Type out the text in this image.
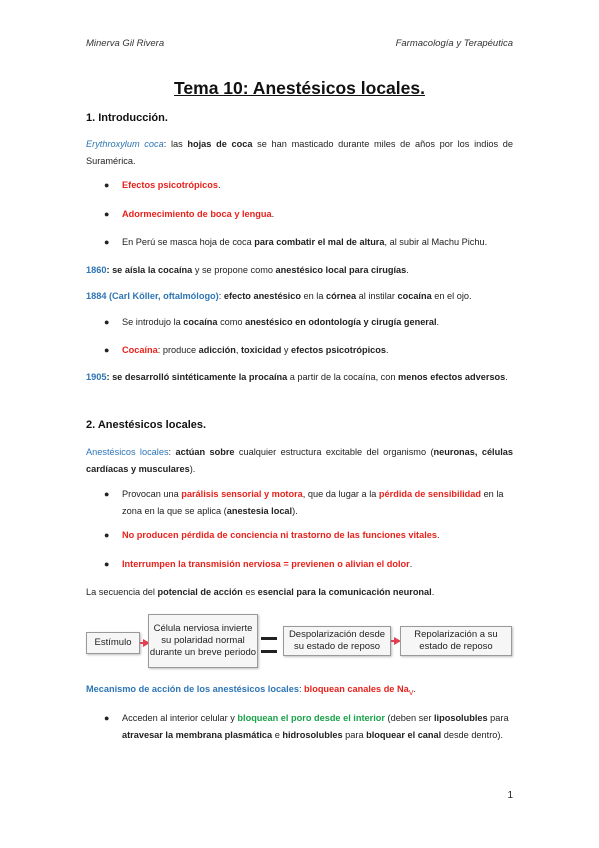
Minerva Gil Rivera	Farmacología y Terapéutica
Tema 10: Anestésicos locales.
1. Introducción.
Erythroxylum coca: las hojas de coca se han masticado durante miles de años por los indios de Suramérica.
● Efectos psicotrópicos.
● Adormecimiento de boca y lengua.
● En Perú se masca hoja de coca para combatir el mal de altura, al subir al Machu Pichu.
1860: se aísla la cocaína y se propone como anestésico local para cirugías.
1884 (Carl Köller, oftalmólogo): efecto anestésico en la córnea al instilar cocaína en el ojo.
● Se introdujo la cocaína como anestésico en odontología y cirugía general.
● Cocaína: produce adicción, toxicidad y efectos psicotrópicos.
1905: se desarrolló sintéticamente la procaína a partir de la cocaína, con menos efectos adversos.
2. Anestésicos locales.
Anestésicos locales: actúan sobre cualquier estructura excitable del organismo (neuronas, células cardíacas y musculares).
● Provocan una parálisis sensorial y motora, que da lugar a la pérdida de sensibilidad en la zona en la que se aplica (anestesia local).
● No producen pérdida de conciencia ni trastorno de las funciones vitales.
● Interrumpen la transmisión nerviosa = previenen o alivian el dolor.
La secuencia del potencial de acción es esencial para la comunicación neuronal.
Estímulo
Célula nerviosa invierte su polaridad normal durante un breve periodo
Despolarización desde su estado de reposo
Repolarización a su estado de reposo
Mecanismo de acción de los anestésicos locales: bloquean canales de $Na_V$.
● Acceden al interior celular y bloquean el poro desde el interior (deben ser liposolubles para atravesar la membrana plasmática e hidrosolubles para bloquear el canal desde dentro).
1
